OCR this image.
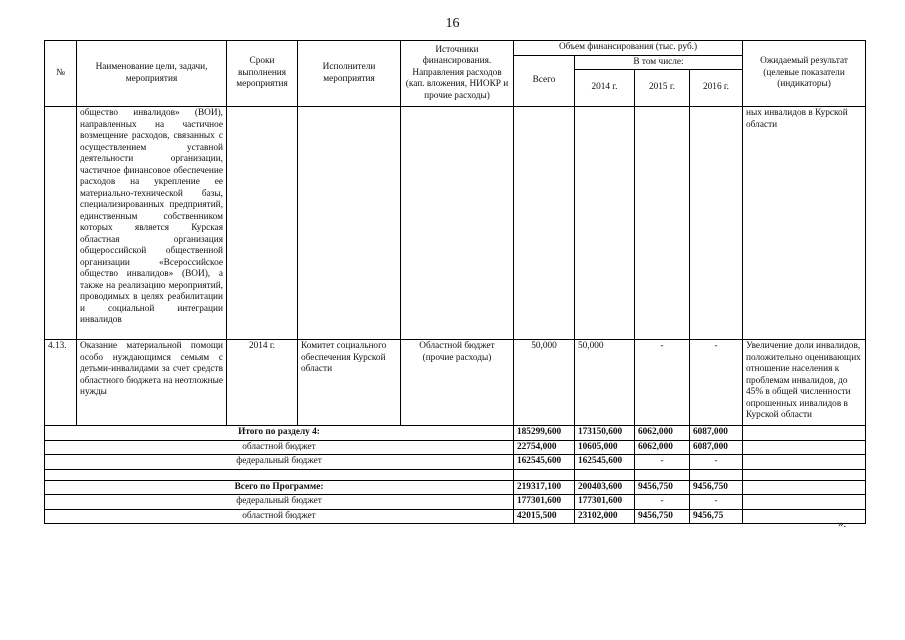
16
№	Наименование цели, задачи, мероприятия	Сроки выполнения мероприятия	Исполнители мероприятия	Источники финансирования. Направления расходов (кап. вложения, НИОКР и прочие расходы)	Объем финансирования (тыс. руб.)				Ожидаемый результат (целевые показатели (индикаторы)
					Всего	В том числе:			
						2014 г.	2015 г.	2016 г.	
	общество инвалидов» (ВОИ), направленных на частичное возмещение расходов, связанных с осуществлением уставной деятельности организации, частичное финансовое обеспечение расходов на укрепление ее материально-технической базы, специализированных предприятий, единственным собственником которых является Курская областная организация общероссийской общественной организации «Всероссийское общество инвалидов» (ВОИ), а также на реализацию мероприятий, проводимых в целях реабилитации и социальной интеграции инвалидов								ных инвалидов в Курской области
4.13.	Оказание материальной помощи особо нуждающимся семьям с детьми-инвалидами за счет средств областного бюджета на неотложные нужды	2014 г.	Комитет социального обеспечения Курской области	Областной бюджет (прочие расходы)	50,000	50,000	-	-	Увеличение доли инвалидов, положительно оценивающих отношение населения к проблемам инвалидов, до 45% в общей численности опрошенных инвалидов в Курской области
Итого по разделу 4:					185299,600	173150,600	6062,000	6087,000	
областной бюджет					22754,000	10605,000	6062,000	6087,000	
федеральный бюджет					162545,600	162545,600	-	-	

Всего по Программе:					219317,100	200403,600	9456,750	9456,750	
федеральный бюджет					177301,600	177301,600	-	-	
областной бюджет					42015,500	23102,000	9456,750	9456,75	
».
